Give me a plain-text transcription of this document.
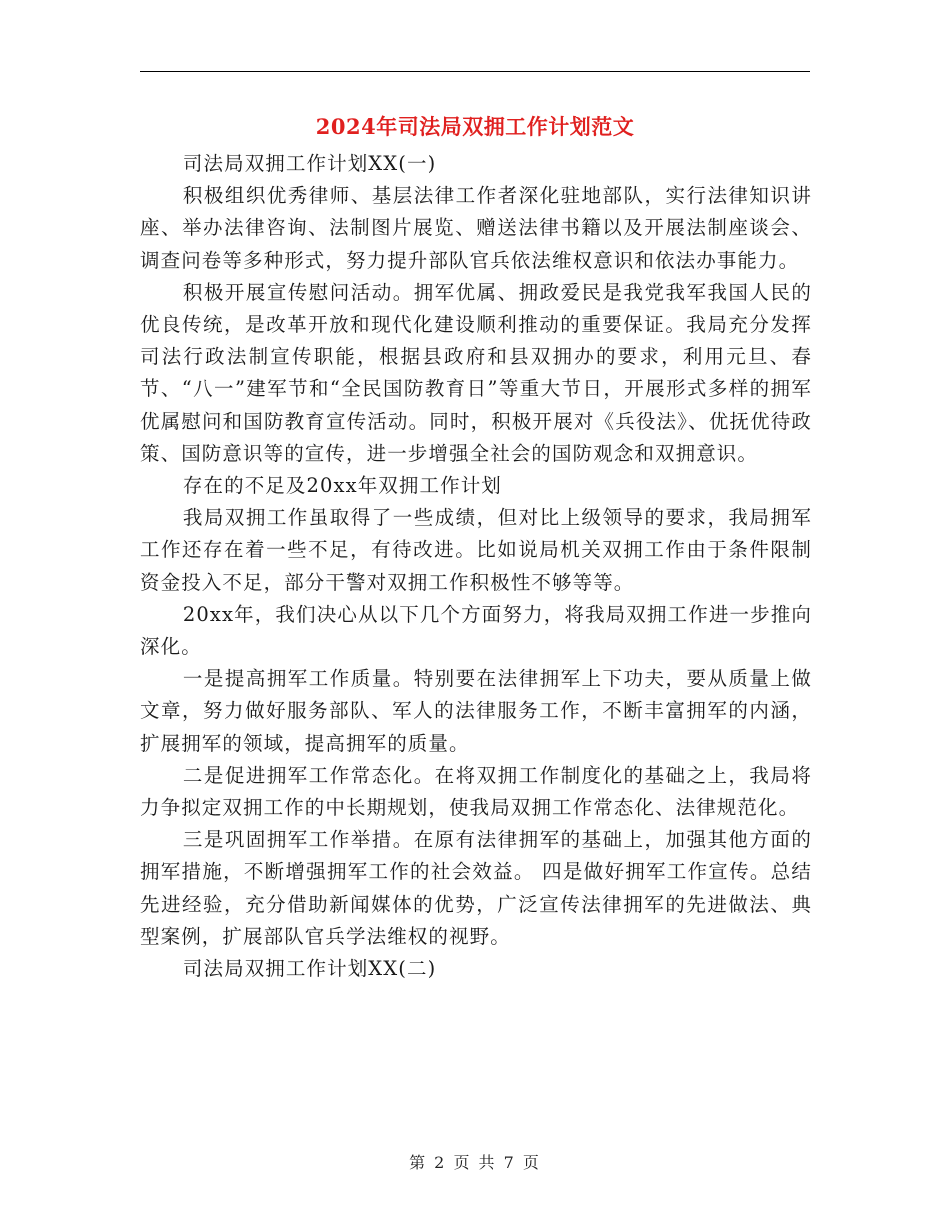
2024年司法局双拥工作计划范文

司法局双拥工作计划XX(一)

积极组织优秀律师、基层法律工作者深化驻地部队，实行法律知识讲座、举办法律咨询、法制图片展览、赠送法律书籍以及开展法制座谈会、调查问卷等多种形式，努力提升部队官兵依法维权意识和依法办事能力。

积极开展宣传慰问活动。拥军优属、拥政爱民是我党我军我国人民的优良传统，是改革开放和现代化建设顺利推动的重要保证。我局充分发挥司法行政法制宣传职能，根据县政府和县双拥办的要求，利用元旦、春节、“八一”建军节和“全民国防教育日”等重大节日，开展形式多样的拥军优属慰问和国防教育宣传活动。同时，积极开展对《兵役法》、优抚优待政策、国防意识等的宣传，进一步增强全社会的国防观念和双拥意识。

存在的不足及20xx年双拥工作计划

我局双拥工作虽取得了一些成绩，但对比上级领导的要求，我局拥军工作还存在着一些不足，有待改进。比如说局机关双拥工作由于条件限制资金投入不足，部分干警对双拥工作积极性不够等等。

20xx年，我们决心从以下几个方面努力，将我局双拥工作进一步推向深化。

一是提高拥军工作质量。特别要在法律拥军上下功夫，要从质量上做文章，努力做好服务部队、军人的法律服务工作，不断丰富拥军的内涵，扩展拥军的领域，提高拥军的质量。

二是促进拥军工作常态化。在将双拥工作制度化的基础之上，我局将力争拟定双拥工作的中长期规划，使我局双拥工作常态化、法律规范化。

三是巩固拥军工作举措。在原有法律拥军的基础上，加强其他方面的拥军措施，不断增强拥军工作的社会效益。 四是做好拥军工作宣传。总结先进经验，充分借助新闻媒体的优势，广泛宣传法律拥军的先进做法、典型案例，扩展部队官兵学法维权的视野。

司法局双拥工作计划XX(二)

第 2 页 共 7 页
